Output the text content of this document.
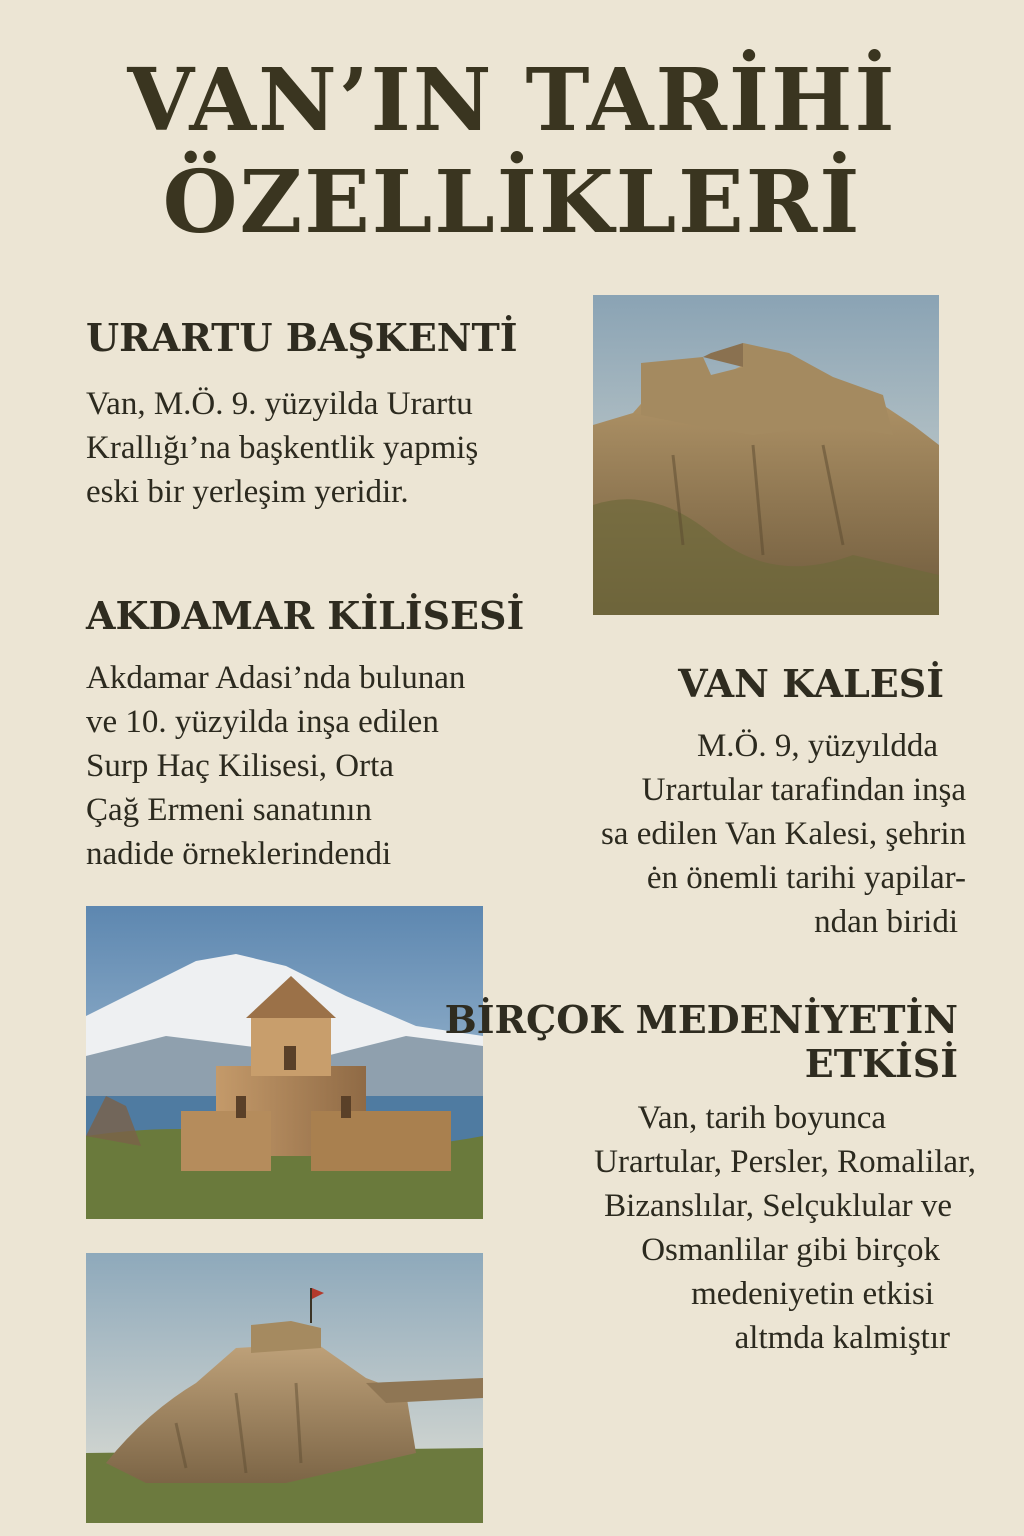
VAN’IN TARİHİ
ÖZELLİKLERİ
URARTU BAŞKENTİ

Van, M.Ö. 9. yüzyilda Urartu
Krallığı’na başkentlik yapmiş
eski bir yerleşim yeridir.

AKDAMAR KİLİSESİ

Akdamar Adasi’nda bulunan
ve 10. yüzyilda inşa edilen
Surp Haç Kilisesi, Orta
Çağ Ermeni sanatının
nadide örneklerindendi

VAN KALESİ

M.Ö. 9, yüzyıldda
Urartular tarafindan inşa
sa edilen Van Kalesi, şehrin
ėn önemli tarihi yapilar-
ndan biridi

BİRÇOK MEDENİYETİN
ETKİSİ

Van, tarih boyunca
Urartular, Persler, Romalilar,
Bizanslılar, Selçuklular ve
Osmanlilar gibi birçok
medeniyetin etkisi
altmda kalmiştır
